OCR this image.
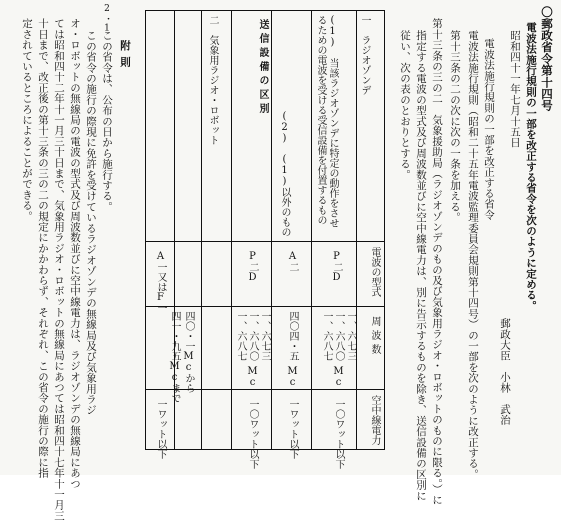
〇郵政省令第十四号
電波法施行規則の一部を改正する省令を次のように定める。
昭和四十一年七月十五日
郵政大臣　小林　武治
電波法施行規則の一部を改正する省令
電波法施行規則（昭和二十五年電波監理委員会規則第十四号）の一部を次のように改正する。
第十三条の二の次に次の一条を加える。
第十三条の三の二　気象援助局（ラジオゾンデのもの及び気象用ラジオ・ロボットのものに限る。）に
指定する電波の型式及び周波数並びに空中線電力は、別に告示するものを除き、送信設備の区別に
従い、次の表のとおりとする。
送信設備の区別
電波の型式
周波数
空中線電力
一　ラジオゾンデ
(1)　当該ラジオゾンデに特定の動作をさせるための電波を受ける受信設備を付置するもの
P二D
一、六七三
一、六八〇
一、六八七
Mc
一〇ワット以下
(2)　(1)以外のもの
A二
四〇四・五
Mc
一ワット以下
P二D
一、六七三
一、六八〇
一、六八七
Mc
一〇ワット以下
二　気象用ラジオ・ロボット
A一又はF一
四〇・一Mcから
四一・九五Mcまで
一ワット以下
附則
2・1
この省令は、公布の日から施行する。
この省令の施行の際現に免許を受けているラジオゾンデの無線局及び気象用ラジ
オ・ロボットの無線局の電波の型式及び周波数並びに空中線電力は、ラジオゾンデの無線局にあつ
ては昭和四十二年十一月三十日まで、気象用ラジオ・ロボットの無線局にあつては昭和四十七年十一月三
十日まで、改正後の第十三条の三の二の規定にかかわらず、それぞれ、この省令の施行の際に指
定されているところによることができる。
